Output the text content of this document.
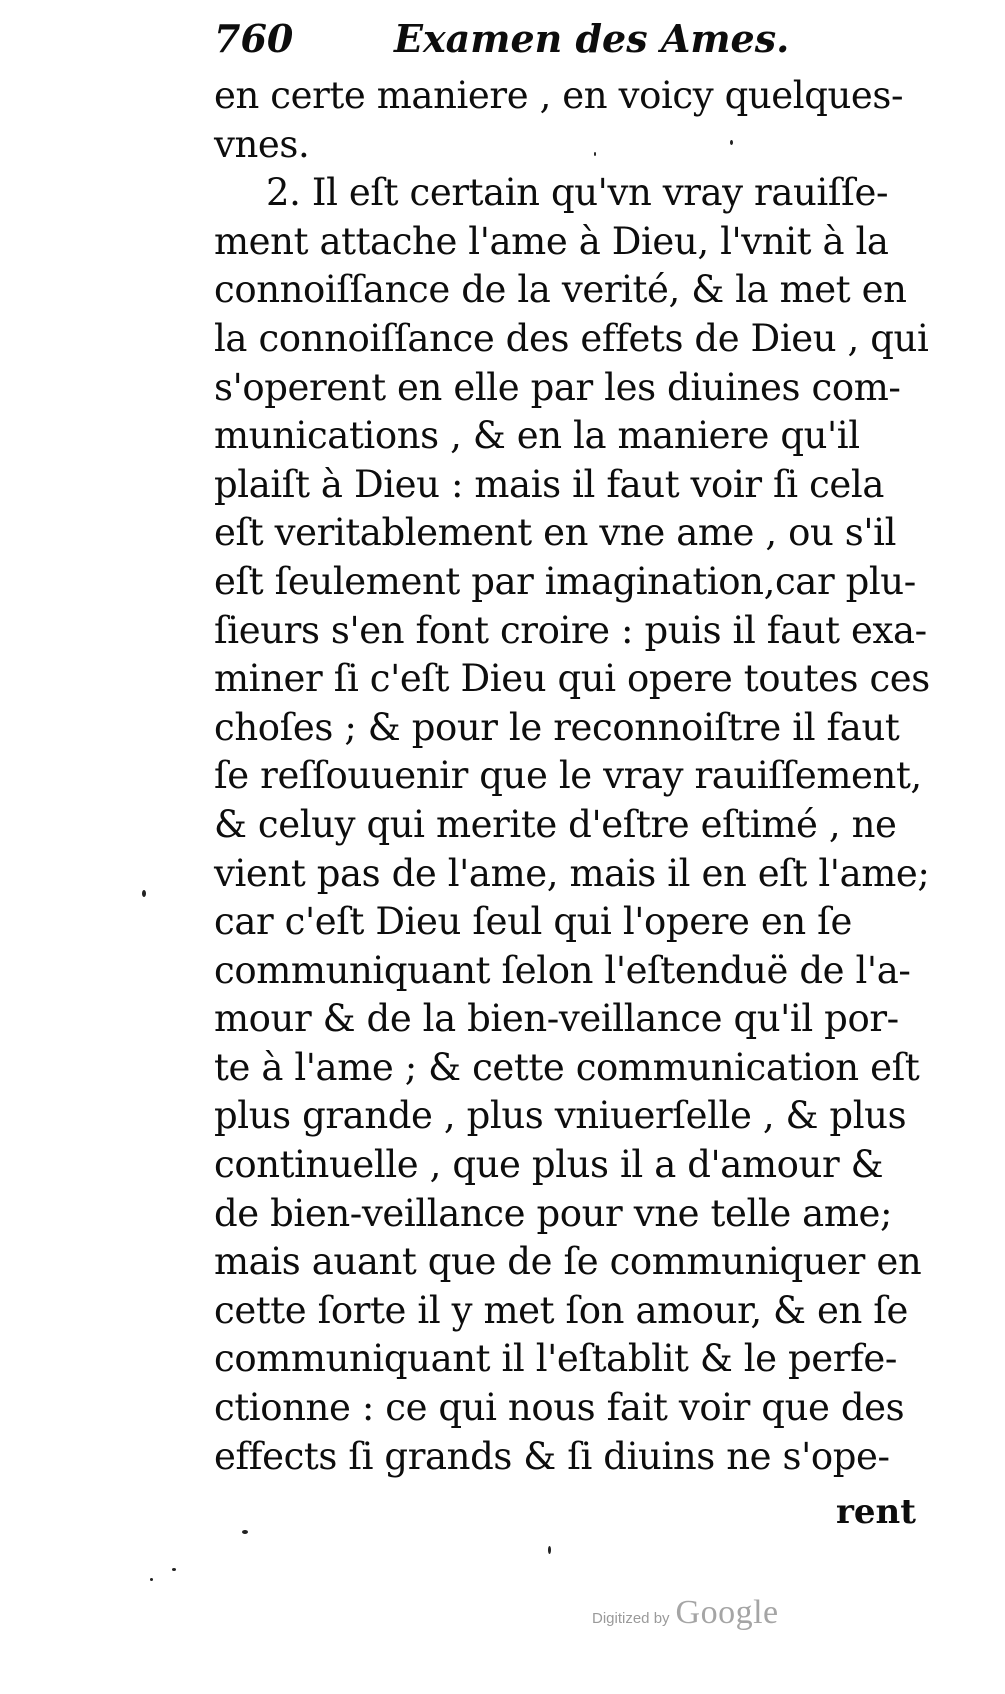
760	Examen des Ames.
en certe maniere , en voicy quelques-
vnes.
2. Il eſt certain qu'vn vray rauiſſe-
ment attache l'ame à Dieu, l'vnit à la
connoiſſance de la verité, & la met en
la connoiſſance des effets de Dieu , qui
s'operent en elle par les diuines com-
munications , & en la maniere qu'il
plaiſt à Dieu : mais il faut voir ſi cela
eſt veritablement en vne ame , ou s'il
eſt ſeulement par imagination,car plu-
ſieurs s'en font croire : puis il faut exa-
miner ſi c'eſt Dieu qui opere toutes ces
choſes ; & pour le reconnoiſtre il faut
ſe reſſouuenir que le vray rauiſſement,
& celuy qui merite d'eſtre eſtimé , ne
vient pas de l'ame, mais il en eſt l'ame;
car c'eſt Dieu ſeul qui l'opere en ſe
communiquant ſelon l'eſtenduë de l'a-
mour & de la bien-veillance qu'il por-
te à l'ame ; & cette communication eſt
plus grande , plus vniuerſelle , & plus
continuelle , que plus il a d'amour &
de bien-veillance pour vne telle ame;
mais auant que de ſe communiquer en
cette ſorte il y met ſon amour, & en ſe
communiquant il l'eſtablit & le perfe-
ctionne : ce qui nous fait voir que des
effects ſi grands & ſi diuins ne s'ope-
rent
Digitized by Google
